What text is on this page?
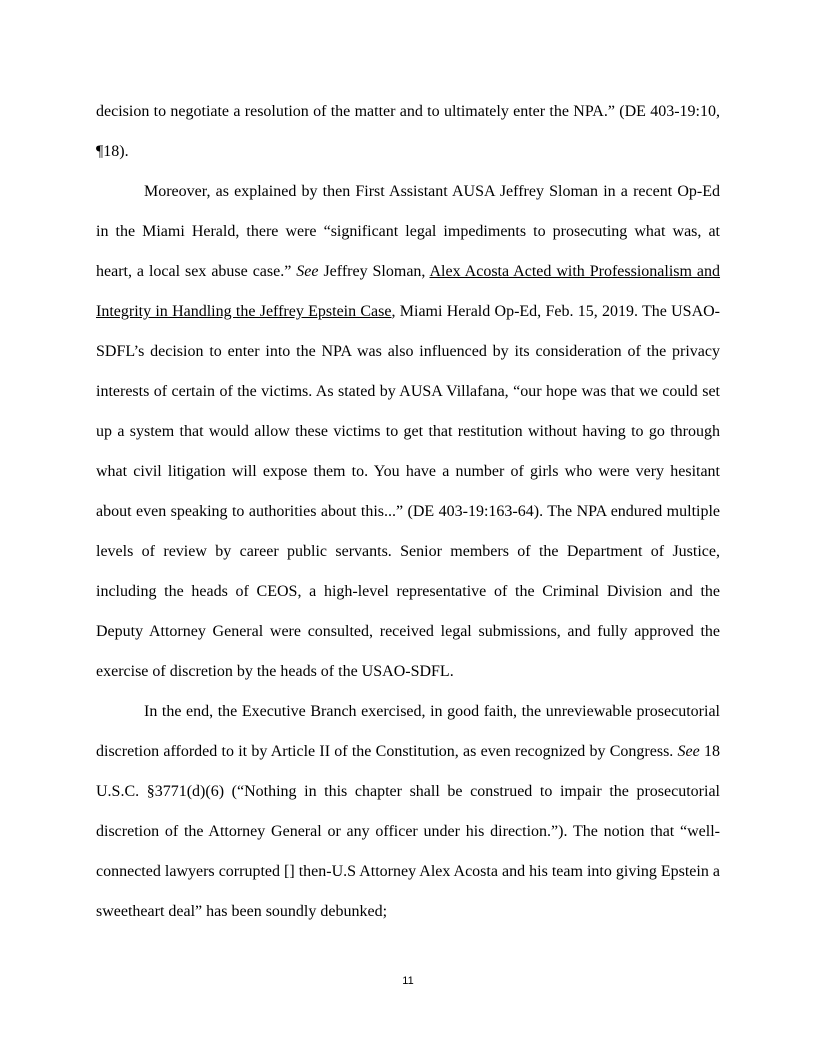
decision to negotiate a resolution of the matter and to ultimately enter the NPA.” (DE 403-19:10, ¶18).

Moreover, as explained by then First Assistant AUSA Jeffrey Sloman in a recent Op-Ed in the Miami Herald, there were “significant legal impediments to prosecuting what was, at heart, a local sex abuse case.” See Jeffrey Sloman, Alex Acosta Acted with Professionalism and Integrity in Handling the Jeffrey Epstein Case, Miami Herald Op-Ed, Feb. 15, 2019. The USAO-SDFL’s decision to enter into the NPA was also influenced by its consideration of the privacy interests of certain of the victims. As stated by AUSA Villafana, “our hope was that we could set up a system that would allow these victims to get that restitution without having to go through what civil litigation will expose them to. You have a number of girls who were very hesitant about even speaking to authorities about this...” (DE 403-19:163-64). The NPA endured multiple levels of review by career public servants. Senior members of the Department of Justice, including the heads of CEOS, a high-level representative of the Criminal Division and the Deputy Attorney General were consulted, received legal submissions, and fully approved the exercise of discretion by the heads of the USAO-SDFL.

In the end, the Executive Branch exercised, in good faith, the unreviewable prosecutorial discretion afforded to it by Article II of the Constitution, as even recognized by Congress. See 18 U.S.C. §3771(d)(6) (“Nothing in this chapter shall be construed to impair the prosecutorial discretion of the Attorney General or any officer under his direction.”). The notion that “well-connected lawyers corrupted [] then-U.S Attorney Alex Acosta and his team into giving Epstein a sweetheart deal” has been soundly debunked;

11
